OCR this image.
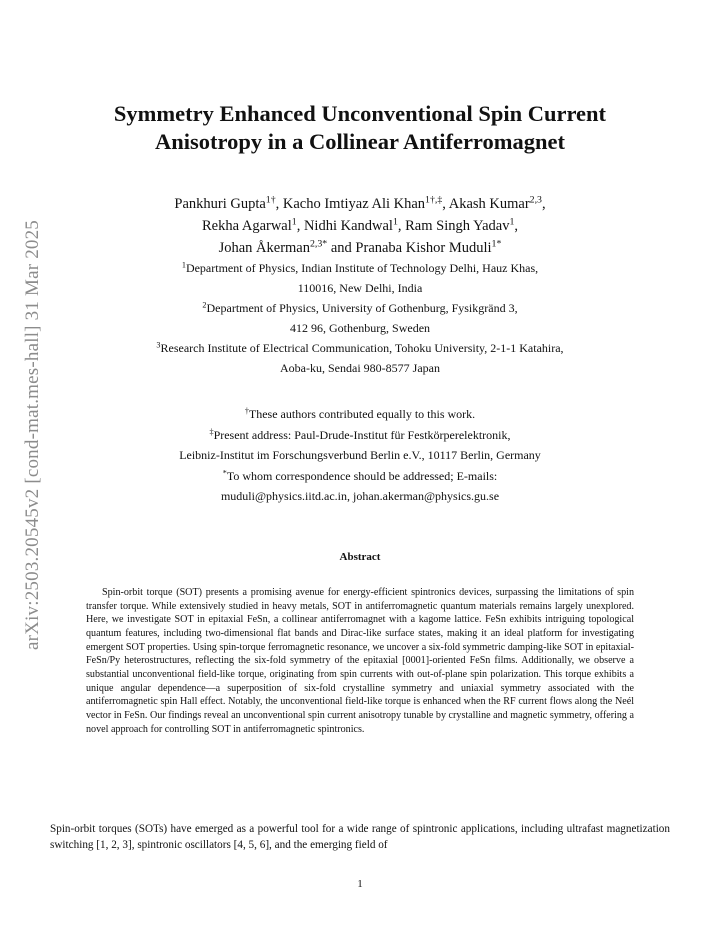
arXiv:2503.20545v2 [cond-mat.mes-hall] 31 Mar 2025
Symmetry Enhanced Unconventional Spin Current
Anisotropy in a Collinear Antiferromagnet
Pankhuri Gupta$^{1\dagger}$, Kacho Imtiyaz Ali Khan$^{1\dagger,\ddagger}$, Akash Kumar$^{2,3}$,
Rekha Agarwal$^1$, Nidhi Kandwal$^1$, Ram Singh Yadav$^1$,
Johan Åkerman$^{2,3*}$ and Pranaba Kishor Muduli$^{1*}$
$^1$Department of Physics, Indian Institute of Technology Delhi, Hauz Khas,
110016, New Delhi, India
$^2$Department of Physics, University of Gothenburg, Fysikgränd 3,
412 96, Gothenburg, Sweden
$^3$Research Institute of Electrical Communication, Tohoku University, 2-1-1 Katahira,
Aoba-ku, Sendai 980-8577 Japan
†These authors contributed equally to this work.
‡Present address: Paul-Drude-Institut für Festkörperelektronik,
Leibniz-Institut im Forschungsverbund Berlin e.V., 10117 Berlin, Germany
*To whom correspondence should be addressed; E-mails:
muduli@physics.iitd.ac.in, johan.akerman@physics.gu.se
Abstract

Spin-orbit torque (SOT) presents a promising avenue for energy-efficient spintronics devices, surpassing the limitations of spin transfer torque. While extensively studied in heavy metals, SOT in antiferromagnetic quantum materials remains largely unexplored. Here, we investigate SOT in epitaxial FeSn, a collinear antiferromagnet with a kagome lattice. FeSn exhibits intriguing topological quantum features, including two-dimensional flat bands and Dirac-like surface states, making it an ideal platform for investigating emergent SOT properties. Using spin-torque ferromagnetic resonance, we uncover a six-fold symmetric damping-like SOT in epitaxial-FeSn/Py heterostructures, reflecting the six-fold symmetry of the epitaxial [0001]-oriented FeSn films. Additionally, we observe a substantial unconventional field-like torque, originating from spin currents with out-of-plane spin polarization. This torque exhibits a unique angular dependence—a superposition of six-fold crystalline symmetry and uniaxial symmetry associated with the antiferromagnetic spin Hall effect. Notably, the unconventional field-like torque is enhanced when the RF current flows along the Neél vector in FeSn. Our findings reveal an unconventional spin current anisotropy tunable by crystalline and magnetic symmetry, offering a novel approach for controlling SOT in antiferromagnetic spintronics.

Spin-orbit torques (SOTs) have emerged as a powerful tool for a wide range of spintronic applications, including ultrafast magnetization switching [1, 2, 3], spintronic oscillators [4, 5, 6], and the emerging field of

1
